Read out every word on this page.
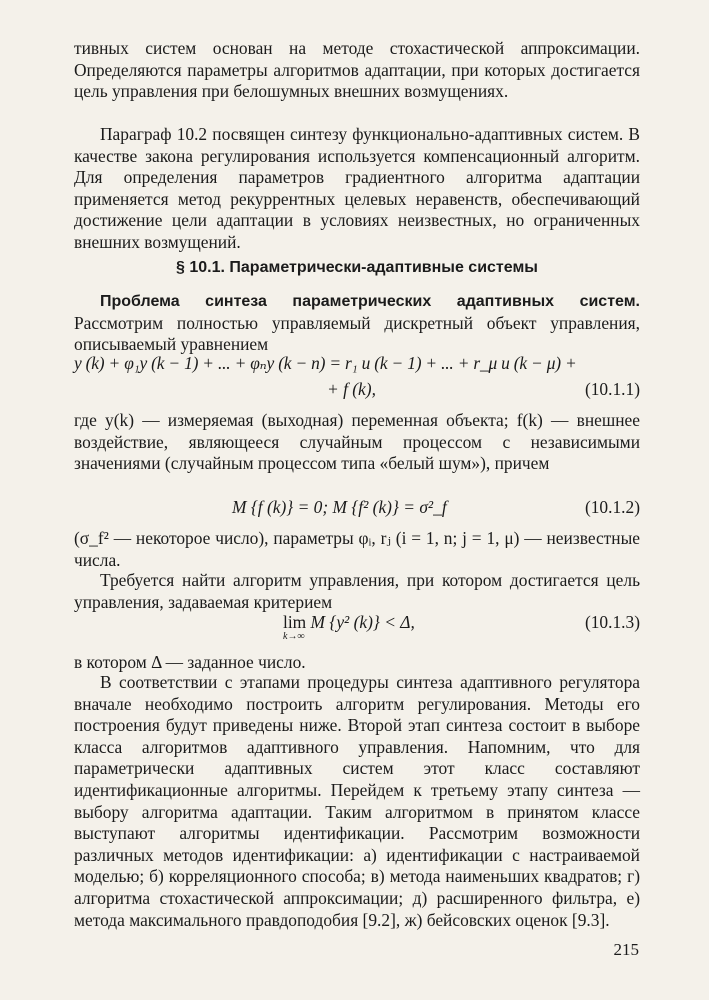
тивных систем основан на методе стохастической аппроксимации. Определяются параметры алгоритмов адаптации, при которых достигается цель управления при белошумных внешних возмущениях.
Параграф 10.2 посвящен синтезу функционально-адаптивных систем. В качестве закона регулирования используется компенсационный алгоритм. Для определения параметров градиентного алгоритма адаптации применяется метод рекуррентных целевых неравенств, обеспечивающий достижение цели адаптации в условиях неизвестных, но ограниченных внешних возмущений.
§ 10.1. Параметрически-адаптивные системы
Проблема синтеза параметрических адаптивных систем. Рассмотрим полностью управляемый дискретный объект управления, описываемый уравнением
y (k) + φ₁y (k − 1) + ... + φₙy (k − n) = r₁ u (k − 1) + ... + r_μ u (k − μ) +
+ f (k),	(10.1.1)
где y(k) — измеряемая (выходная) переменная объекта; f(k) — внешнее воздействие, являющееся случайным процессом с независимыми значениями (случайным процессом типа «белый шум»), причем
M {f (k)} = 0; M {f² (k)} = σ²_f	(10.1.2)
(σ_f² — некоторое число), параметры φᵢ, rⱼ (i = 1, n; j = 1, μ) — неизвестные числа.
Требуется найти алгоритм управления, при котором достигается цель управления, задаваемая критерием
lim
k→∞
M {y² (k)} < Δ,	(10.1.3)
в котором Δ — заданное число.
В соответствии с этапами процедуры синтеза адаптивного регулятора вначале необходимо построить алгоритм регулирования. Методы его построения будут приведены ниже. Второй этап синтеза состоит в выборе класса алгоритмов адаптивного управления. Напомним, что для параметрически адаптивных систем этот класс составляют идентификационные алгоритмы. Перейдем к третьему этапу синтеза — выбору алгоритма адаптации. Таким алгоритмом в принятом классе выступают алгоритмы идентификации. Рассмотрим возможности различных методов идентификации: а) идентификации с настраиваемой моделью; б) корреляционного способа; в) метода наименьших квадратов; г) алгоритма стохастической аппроксимации; д) расширенного фильтра, е) метода максимального правдоподобия [9.2], ж) бейсовских оценок [9.3].
215
